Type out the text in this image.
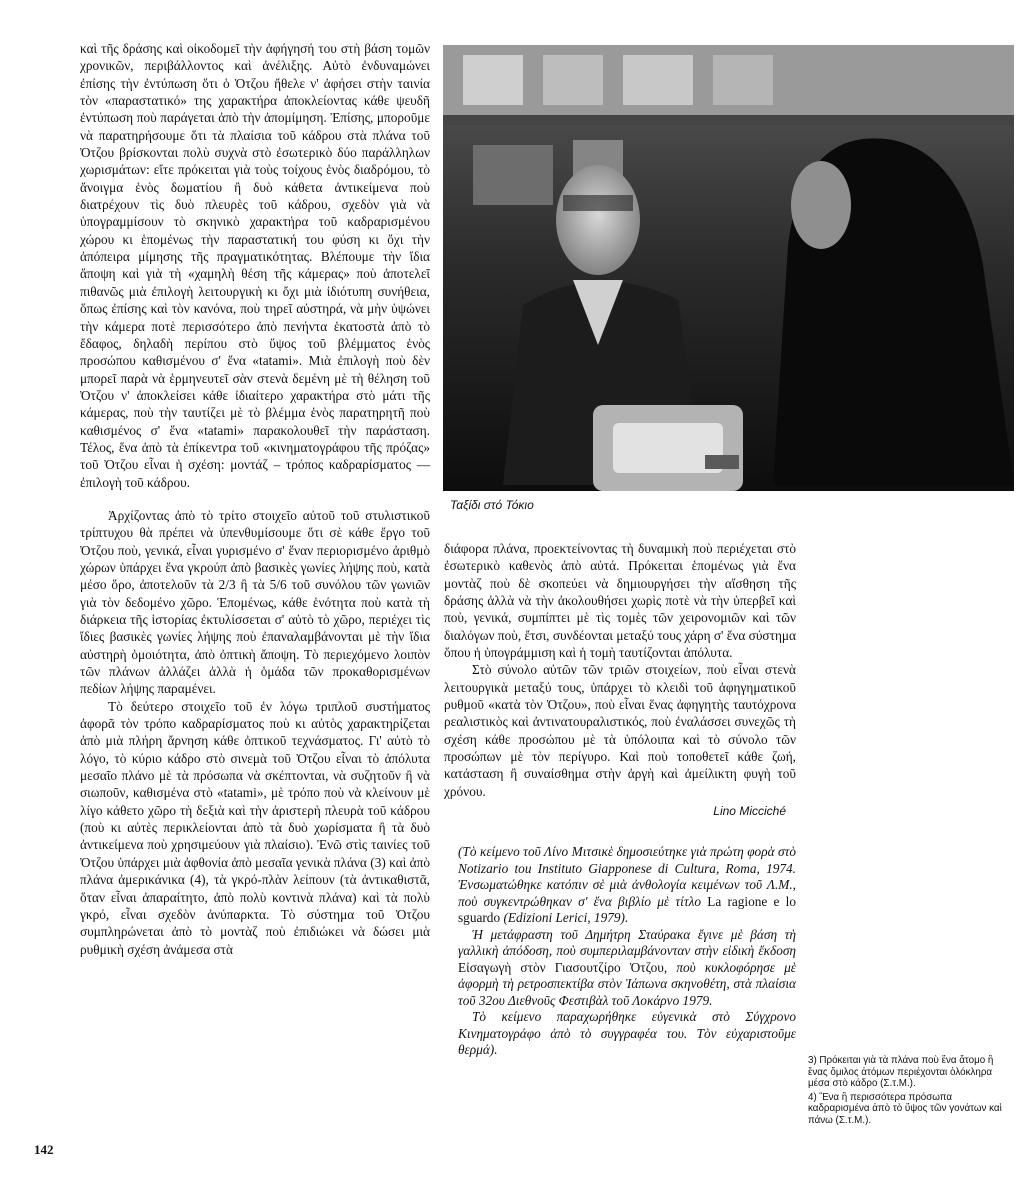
καὶ τῆς δράσης καὶ οἰκοδομεῖ τὴν ἀφήγησή του στὴ βάση τομῶν χρονικῶν, περιβάλλοντος καὶ ἀνέλιξης. Αὐτὸ ἐνδυναμώνει ἐπίσης τὴν ἐντύπωση ὅτι ὁ Ὀτζου ἤθελε ν' ἀφήσει στὴν ταινία τὸν «παραστατικό» της χαρακτήρα ἀποκλείοντας κάθε ψευδῆ ἐντύπωση ποὺ παράγεται ἀπὸ τὴν ἀπομίμηση. Ἐπίσης, μποροῦμε νὰ παρατηρήσουμε ὅτι τὰ πλαίσια τοῦ κάδρου στὰ πλάνα τοῦ Ὀτζου βρίσκονται πολὺ συχνὰ στὸ ἐσωτερικὸ δύο παράλληλων χωρισμάτων: εἴτε πρόκειται γιὰ τοὺς τοίχους ἑνὸς διαδρόμου, τὸ ἄνοιγμα ἑνὸς δωματίου ἢ δυὸ κάθετα ἀντικείμενα ποὺ διατρέχουν τὶς δυὸ πλευρὲς τοῦ κάδρου, σχεδὸν γιὰ νὰ ὑπογραμμίσουν τὸ σκηνικὸ χαρακτήρα τοῦ καδραρισμένου χώρου κι ἑπομένως τὴν παραστατική του φύση κι ὄχι τὴν ἀπόπειρα μίμησης τῆς πραγματικότητας. Βλέπουμε τὴν ἴδια ἄποψη καὶ γιὰ τὴ «χαμηλὴ θέση τῆς κάμερας» ποὺ ἀποτελεῖ πιθανῶς μιὰ ἐπιλογὴ λειτουργικὴ κι ὄχι μιὰ ἰδιότυπη συνήθεια, ὅπως ἐπίσης καὶ τὸν κανόνα, ποὺ τηρεῖ αὐστηρά, νὰ μὴν ὑψώνει τὴν κάμερα ποτὲ περισσότερο ἀπὸ πενήντα ἑκατοστὰ ἀπὸ τὸ ἔδαφος, δηλαδὴ περίπου στὸ ὕψος τοῦ βλέμματος ἑνὸς προσώπου καθισμένου σ' ἕνα «tatami». Μιὰ ἐπιλογὴ ποὺ δὲν μπορεῖ παρὰ νὰ ἑρμηνευτεῖ σὰν στενὰ δεμένη μὲ τὴ θέληση τοῦ Ὀτζου ν' ἀποκλείσει κάθε ἰδιαίτερο χαρακτήρα στὸ μάτι τῆς κάμερας, ποὺ τὴν ταυτίζει μὲ τὸ βλέμμα ἑνὸς παρατηρητῆ ποὺ καθισμένος σ' ἕνα «tatami» παρακολουθεῖ τὴν παράσταση. Τέλος, ἕνα ἀπὸ τὰ ἐπίκεντρα τοῦ «κινηματογράφου τῆς πρόζας» τοῦ Ὀτζου εἶναι ἡ σχέση: μοντάζ – τρόπος καδραρίσματος — ἐπιλογὴ τοῦ κάδρου.

Ἀρχίζοντας ἀπὸ τὸ τρίτο στοιχεῖο αὐτοῦ τοῦ στυλιστικοῦ τρίπτυχου θὰ πρέπει νὰ ὑπενθυμίσουμε ὅτι σὲ κάθε ἔργο τοῦ Ὀτζου ποὺ, γενικά, εἶναι γυρισμένο σ' ἕναν περιορισμένο ἀριθμὸ χώρων ὑπάρχει ἕνα γκρούπ ἀπὸ βασικὲς γωνίες λήψης ποὺ, κατὰ μέσο ὅρο, ἀποτελοῦν τὰ 2/3 ἢ τὰ 5/6 τοῦ συνόλου τῶν γωνιῶν γιὰ τὸν δεδομένο χῶρο. Ἑπομένως, κάθε ἑνότητα ποὺ κατὰ τὴ διάρκεια τῆς ἱστορίας ἐκτυλίσσεται σ' αὐτὸ τὸ χῶρο, περιέχει τὶς ἴδιες βασικὲς γωνίες λήψης ποὺ ἐπαναλαμβάνονται μὲ τὴν ἴδια αὐστηρὴ ὁμοιότητα, ἀπὸ ὀπτικὴ ἄποψη. Τὸ περιεχόμενο λοιπὸν τῶν πλάνων ἀλλάζει ἀλλὰ ἡ ὁμάδα τῶν προκαθορισμένων πεδίων λήψης παραμένει.

Τὸ δεύτερο στοιχεῖο τοῦ ἐν λόγω τριπλοῦ συστήματος ἀφορᾶ τὸν τρόπο καδραρίσματος ποὺ κι αὐτὸς χαρακτηρίζεται ἀπὸ μιὰ πλήρη ἄρνηση κάθε ὀπτικοῦ τεχνάσματος. Γι' αὐτὸ τὸ λόγο, τὸ κύριο κάδρο στὸ σινεμὰ τοῦ Ὀτζου εἶναι τὸ ἀπόλυτα μεσαῖο πλάνο μὲ τὰ πρόσωπα νὰ σκέπτονται, νὰ συζητοῦν ἢ νὰ σιωποῦν, καθισμένα στὸ «tatami», μὲ τρόπο ποὺ νὰ κλείνουν μὲ λίγο κάθετο χῶρο τὴ δεξιὰ καὶ τὴν ἀριστερὴ πλευρὰ τοῦ κάδρου (ποὺ κι αὐτὲς περικλείονται ἀπὸ τὰ δυὸ χωρίσματα ἢ τὰ δυὸ ἀντικείμενα ποὺ χρησιμεύουν γιὰ πλαίσιο). Ἐνῶ στὶς ταινίες τοῦ Ὀτζου ὑπάρχει μιὰ ἀφθονία ἀπὸ μεσαῖα γενικὰ πλάνα (3) καὶ ἀπὸ πλάνα ἀμερικάνικα (4), τὰ γκρό-πλὰν λείπουν (τὰ ἀντικαθιστᾶ, ὅταν εἶναι ἀπαραίτητο, ἀπὸ πολὺ κοντινὰ πλάνα) καὶ τὰ πολὺ γκρό, εἶναι σχεδὸν ἀνύπαρκτα. Τὸ σύστημα τοῦ Ὀτζου συμπληρώνεται ἀπὸ τὸ μοντὰζ ποὺ ἐπιδιώκει νὰ δώσει μιὰ ρυθμικὴ σχέση ἀνάμεσα στὰ

Ταξίδι στό Τόκιο

διάφορα πλάνα, προεκτείνοντας τὴ δυναμικὴ ποὺ περιέχεται στὸ ἐσωτερικὸ καθενὸς ἀπὸ αὐτά. Πρόκειται ἑπομένως γιὰ ἕνα μοντὰζ ποὺ δὲ σκοπεύει νὰ δημιουργήσει τὴν αἴσθηση τῆς δράσης ἀλλὰ νὰ τὴν ἀκολουθήσει χωρὶς ποτὲ νὰ τὴν ὑπερβεῖ καὶ ποὺ, γενικά, συμπίπτει μὲ τὶς τομὲς τῶν χειρονομιῶν καὶ τῶν διαλόγων ποὺ, ἔτσι, συνδέονται μεταξύ τους χάρη σ' ἕνα σύστημα ὅπου ἡ ὑπογράμμιση καὶ ἡ τομὴ ταυτίζονται ἀπόλυτα.

Στὸ σύνολο αὐτῶν τῶν τριῶν στοιχείων, ποὺ εἶναι στενὰ λειτουργικὰ μεταξύ τους, ὑπάρχει τὸ κλειδὶ τοῦ ἀφηγηματικοῦ ρυθμοῦ «κατὰ τὸν Ὀτζου», ποὺ εἶναι ἕνας ἀφηγητὴς ταυτόχρονα ρεαλιστικὸς καὶ ἀντινατουραλιστικός, ποὺ ἐναλάσσει συνεχῶς τὴ σχέση κάθε προσώπου μὲ τὰ ὑπόλοιπα καὶ τὸ σύνολο τῶν προσώπων μὲ τὸν περίγυρο. Καὶ ποὺ τοποθετεῖ κάθε ζωή, κατάσταση ἢ συναίσθημα στὴν ἀργὴ καὶ ἀμείλικτη φυγὴ τοῦ χρόνου.

Lino Micciché

(Τὸ κείμενο τοῦ Λίνο Μιτσικὲ δημοσιεύτηκε γιὰ πρώτη φορὰ στὸ Notizario tou Instituto Giapponese di Cultura, Roma, 1974. Ἐνσωματώθηκε κατόπιν σὲ μιὰ ἀνθολογία κειμένων τοῦ Λ.Μ., ποὺ συγκεντρώθηκαν σ' ἕνα βιβλίο μὲ τίτλο La ragione e lo sguardo (Edizioni Lerici, 1979).

Ἡ μετάφραστη τοῦ Δημήτρη Σταύρακα ἔγινε μὲ βάση τὴ γαλλικὴ ἀπόδοση, ποὺ συμπεριλαμβάνονταν στὴν εἰδικὴ ἔκδοση Εἰσαγωγὴ στὸν Γιασουτζίρο Ὀτζου, ποὺ κυκλοφόρησε μὲ ἀφορμὴ τὴ ρετροσπεκτίβα στὸν Ἰάπωνα σκηνοθέτη, στὰ πλαίσια τοῦ 32ου Διεθνοῦς Φεστιβὰλ τοῦ Λοκάρνο 1979.

Τὸ κείμενο παραχωρήθηκε εὐγενικὰ στὸ Σύγχρονο Κινηματογράφο ἀπὸ τὸ συγγραφέα του. Τὸν εὐχαριστοῦμε θερμά).

3) Πρόκειται γιὰ τὰ πλάνα ποὺ ἕνα ἄτομο ἢ ἕνας ὅμιλος ἀτόμων περιέχονται ὁλόκληρα μέσα στὸ κάδρο (Σ.τ.Μ.).

4) Ἕνα ἢ περισσότερα πρόσωπα καδραρισμένα ἀπὸ τὸ ὕψος τῶν γονάτων καὶ πάνω (Σ.τ.Μ.).

142
